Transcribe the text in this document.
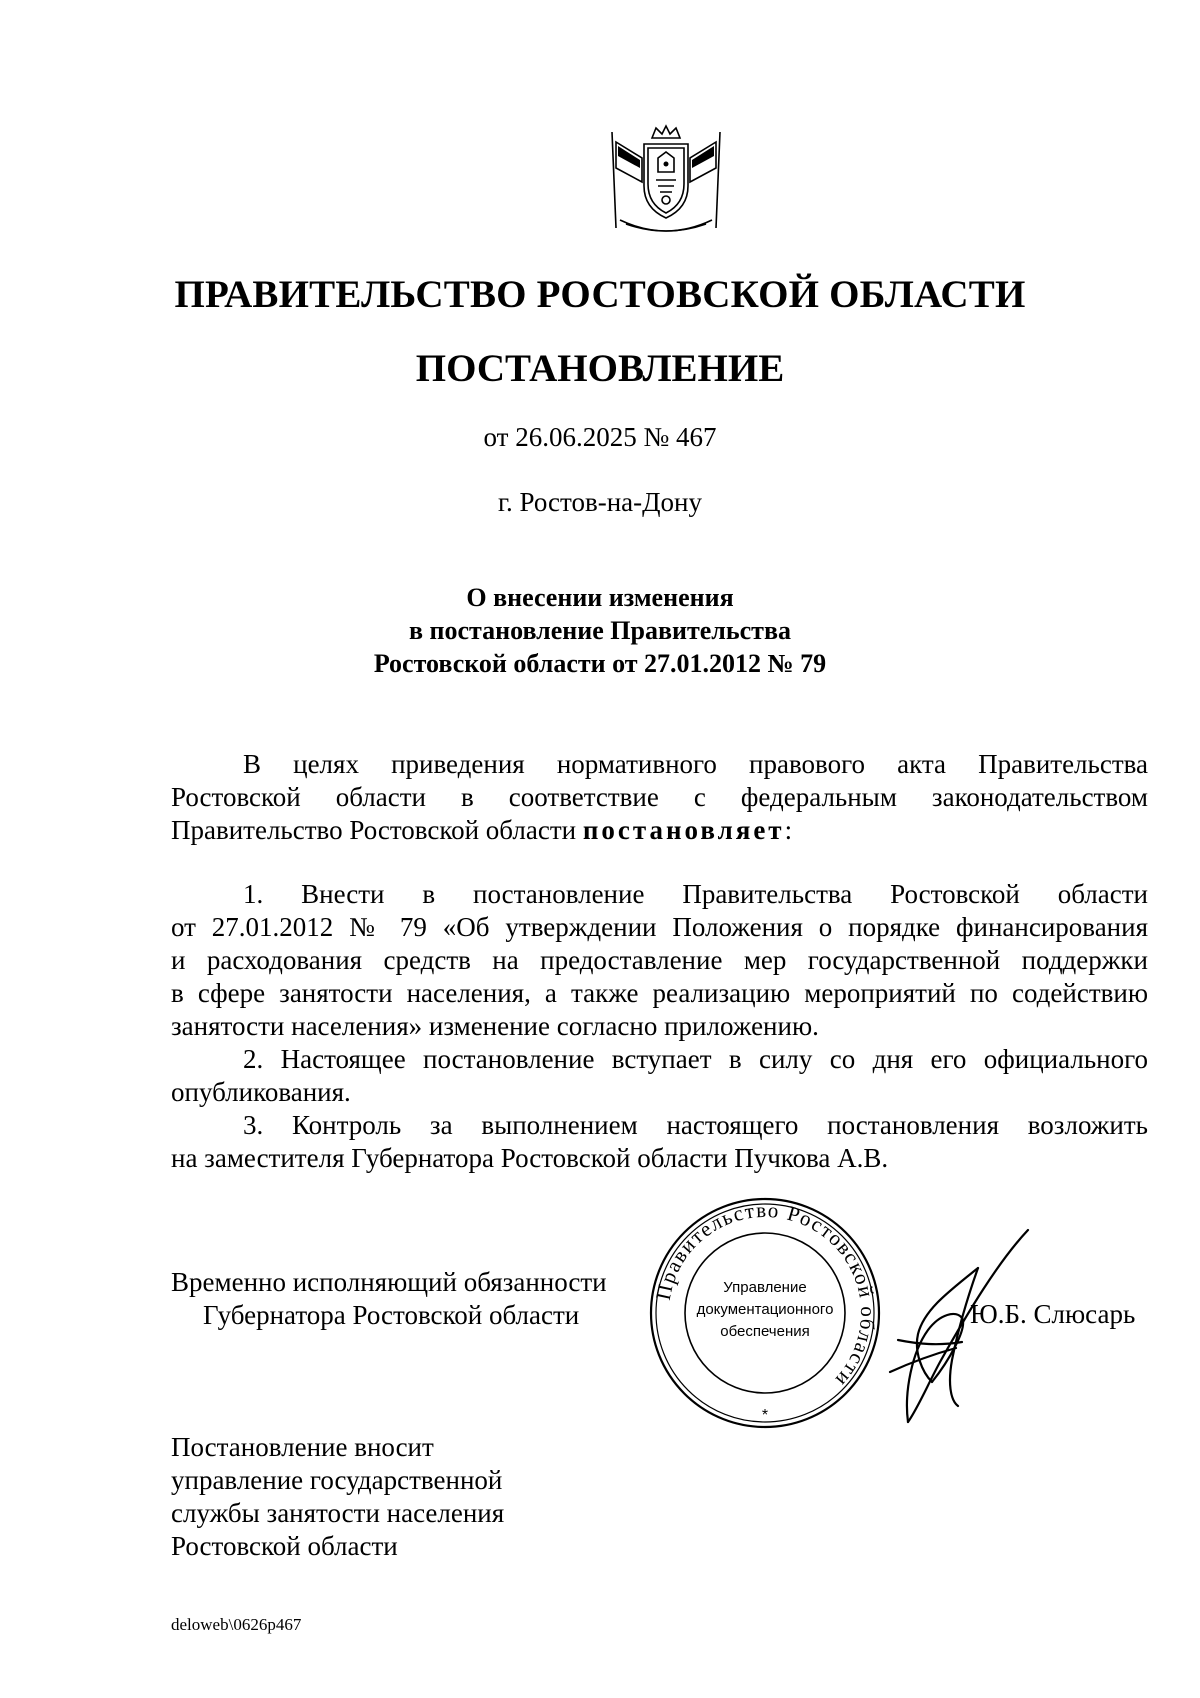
ПРАВИТЕЛЬСТВО РОСТОВСКОЙ ОБЛАСТИ
ПОСТАНОВЛЕНИЕ
от 26.06.2025 № 467
г. Ростов-на-Дону
О внесении изменения
в постановление Правительства
Ростовской области от 27.01.2012 № 79
В целях приведения нормативного правового акта Правительства
Ростовской области в соответствие с федеральным законодательством
Правительство Ростовской области постановляет:
1. Внести в постановление Правительства Ростовской области
от 27.01.2012 № 79 «Об утверждении Положения о порядке финансирования
и расходования средств на предоставление мер государственной поддержки
в сфере занятости населения, а также реализацию мероприятий по содействию
занятости населения» изменение согласно приложению.
2. Настоящее постановление вступает в силу со дня его официального
опубликования.
3. Контроль за выполнением настоящего постановления возложить
на заместителя Губернатора Ростовской области Пучкова А.В.
Временно исполняющий обязанности
Губернатора Ростовской области
Правительство Ростовской области
Управление
документационного
обеспечения
*
Ю.Б. Слюсарь
Постановление вносит
управление государственной
службы занятости населения
Ростовской области
deloweb\0626p467
